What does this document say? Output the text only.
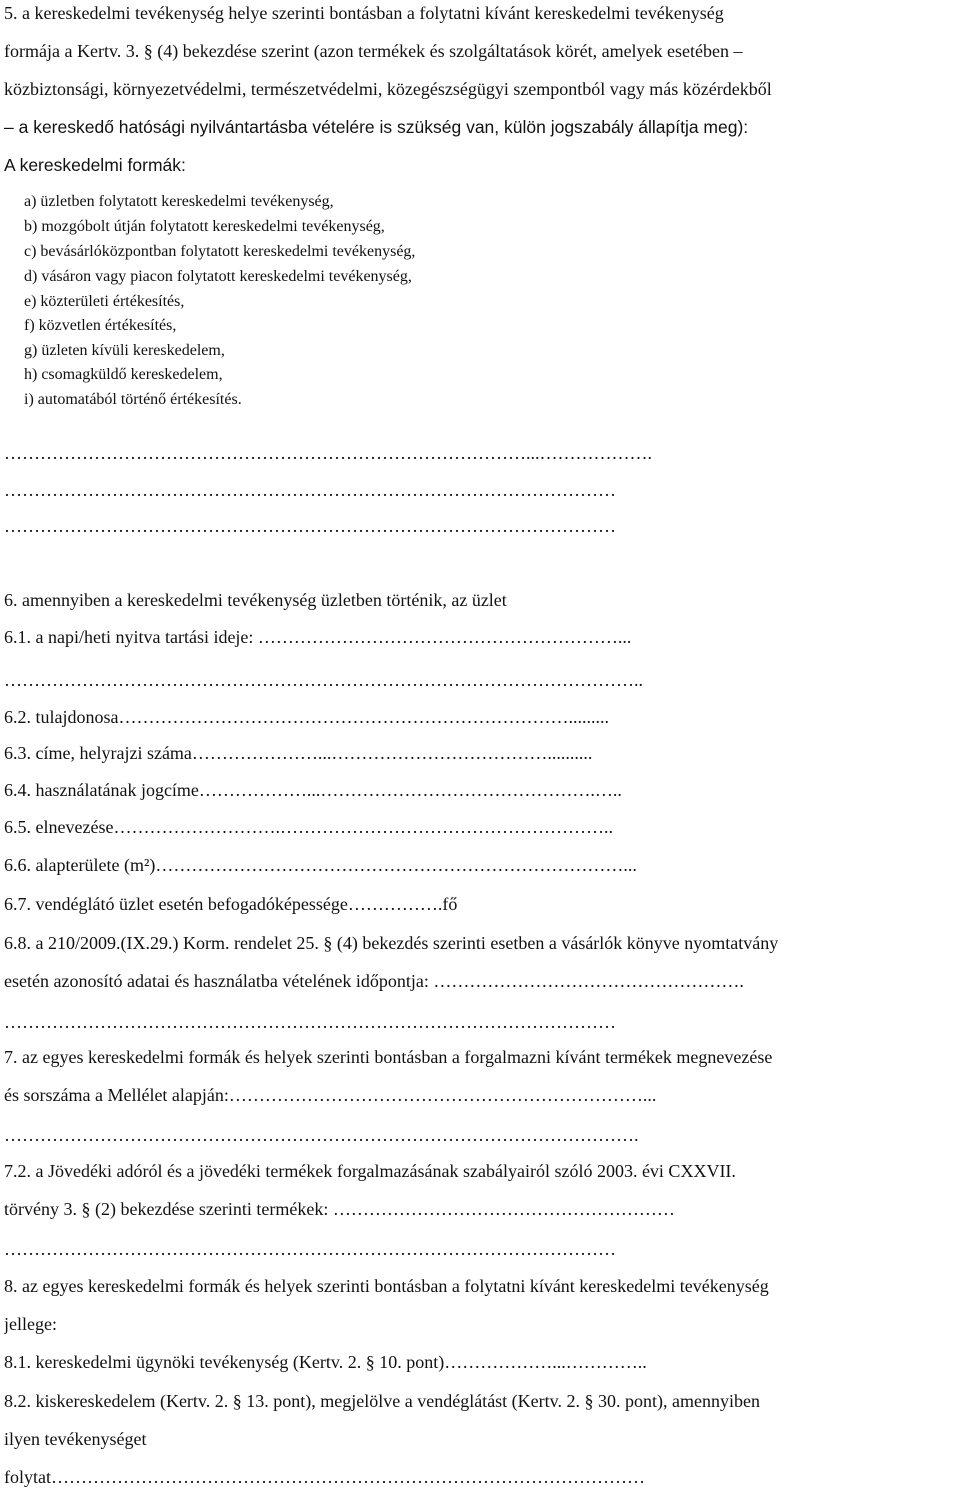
5. a kereskedelmi tevékenység helye szerinti bontásban a folytatni kívánt kereskedelmi tevékenység
formája a Kertv. 3. § (4) bekezdése szerint (azon termékek és szolgáltatások körét, amelyek esetében –
közbiztonsági, környezetvédelmi, természetvédelmi, közegészségügyi szempontból vagy más közérdekből
– a kereskedő hatósági nyilvántartásba vételére is szükség van, külön jogszabály állapítja meg):
A kereskedelmi formák:
a) üzletben folytatott kereskedelmi tevékenység,
b) mozgóbolt útján folytatott kereskedelmi tevékenység,
c) bevásárlóközpontban folytatott kereskedelmi tevékenység,
d) vásáron vagy piacon folytatott kereskedelmi tevékenység,
e) közterületi értékesítés,
f) közvetlen értékesítés,
g) üzleten kívüli kereskedelem,
h) csomagküldő kereskedelem,
i) automatából történő értékesítés.
……………………………………………………………………………...……………….
…………………………………………………………………………………………
…………………………………………………………………………………………
6. amennyiben a kereskedelmi tevékenység üzletben történik, az üzlet
6.1. a napi/heti nyitva tartási ideje: ……………………………………………………...
……………………………………………………………………………………………..
6.2. tulajdonosa………………………………………………………………….........
6.3. címe, helyrajzi száma…………………...………………………………..........
6.4. használatának jogcíme………………...……………………………………….…..
6.5. elnevezése……………………….………………………………………………..
6.6. alapterülete (m²)……………………………………………………………………...
6.7. vendéglátó üzlet esetén befogadóképessége…………….fő
6.8. a 210/2009.(IX.29.) Korm. rendelet 25. § (4) bekezdés szerinti esetben a vásárlók könyve nyomtatvány
esetén azonosító adatai és használatba vételének időpontja: …………………………………………….
…………………………………………………………………………………………
7. az egyes kereskedelmi formák és helyek szerinti bontásban a forgalmazni kívánt termékek megnevezése
és sorszáma a Mellélet alapján:……………………………………………………………...
…………………………………………………………………………………………….
7.2. a Jövedéki adóról és a jövedéki termékek forgalmazásának szabályairól szóló 2003. évi CXXVII.
törvény 3. § (2) bekezdése szerinti termékek: …………………………………………………
…………………………………………………………………………………………
8. az egyes kereskedelmi formák és helyek szerinti bontásban a folytatni kívánt kereskedelmi tevékenység
jellege:
8.1. kereskedelmi ügynöki tevékenység (Kertv. 2. § 10. pont)………………...…………..
8.2. kiskereskedelem (Kertv. 2. § 13. pont), megjelölve a vendéglátást (Kertv. 2. § 30. pont), amennyiben
ilyen tevékenységet
folytat………………………………………………………………………………………
